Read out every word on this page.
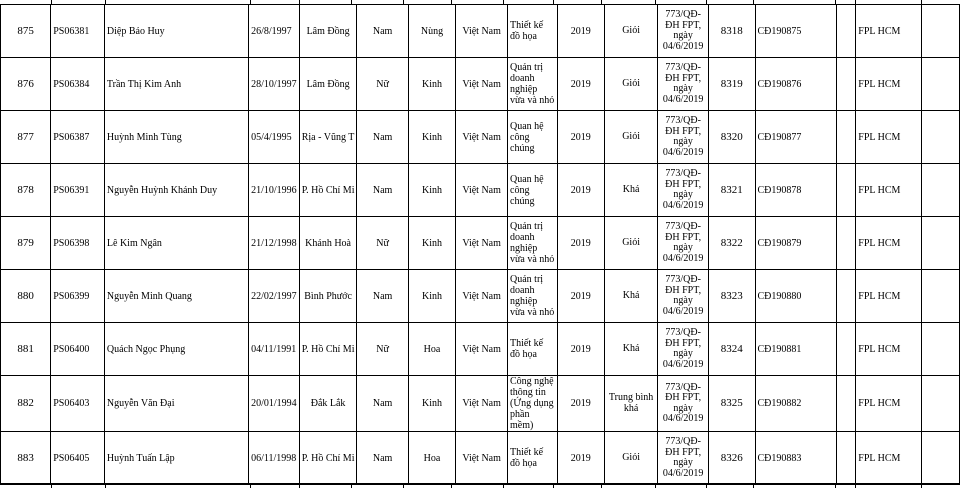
875	PS06381	Diệp Bảo Huy	26/8/1997	Lâm Đồng	Nam	Nùng	Việt Nam	Thiết kế đồ họa	2019	Giỏi	773/QĐ-ĐH FPT, ngày 04/6/2019	8318	CĐ190875		FPL HCM	
876	PS06384	Trần Thị Kim Anh	28/10/1997	Lâm Đồng	Nữ	Kinh	Việt Nam	Quản trị doanh nghiệp vừa và nhỏ	2019	Giỏi	773/QĐ-ĐH FPT, ngày 04/6/2019	8319	CĐ190876		FPL HCM	
877	PS06387	Huỳnh Minh Tùng	05/4/1995	Rịa - Vũng T	Nam	Kinh	Việt Nam	Quan hệ công chúng	2019	Giỏi	773/QĐ-ĐH FPT, ngày 04/6/2019	8320	CĐ190877		FPL HCM	
878	PS06391	Nguyễn Huỳnh Khánh Duy	21/10/1996	P. Hồ Chí Mi	Nam	Kinh	Việt Nam	Quan hệ công chúng	2019	Khá	773/QĐ-ĐH FPT, ngày 04/6/2019	8321	CĐ190878		FPL HCM	
879	PS06398	Lê Kim Ngân	21/12/1998	Khánh Hoà	Nữ	Kinh	Việt Nam	Quản trị doanh nghiệp vừa và nhỏ	2019	Giỏi	773/QĐ-ĐH FPT, ngày 04/6/2019	8322	CĐ190879		FPL HCM	
880	PS06399	Nguyễn Minh Quang	22/02/1997	Bình Phước	Nam	Kinh	Việt Nam	Quản trị doanh nghiệp vừa và nhỏ	2019	Khá	773/QĐ-ĐH FPT, ngày 04/6/2019	8323	CĐ190880		FPL HCM	
881	PS06400	Quách Ngọc Phụng	04/11/1991	P. Hồ Chí Mi	Nữ	Hoa	Việt Nam	Thiết kế đồ họa	2019	Khá	773/QĐ-ĐH FPT, ngày 04/6/2019	8324	CĐ190881		FPL HCM	
882	PS06403	Nguyễn Văn Đại	20/01/1994	Đắk Lắk	Nam	Kinh	Việt Nam	Công nghệ thông tin (Ứng dụng phần mềm)	2019	Trung bình khá	773/QĐ-ĐH FPT, ngày 04/6/2019	8325	CĐ190882		FPL HCM	
883	PS06405	Huỳnh Tuấn Lập	06/11/1998	P. Hồ Chí Mi	Nam	Hoa	Việt Nam	Thiết kế đồ họa	2019	Giỏi	773/QĐ-ĐH FPT, ngày 04/6/2019	8326	CĐ190883		FPL HCM	
